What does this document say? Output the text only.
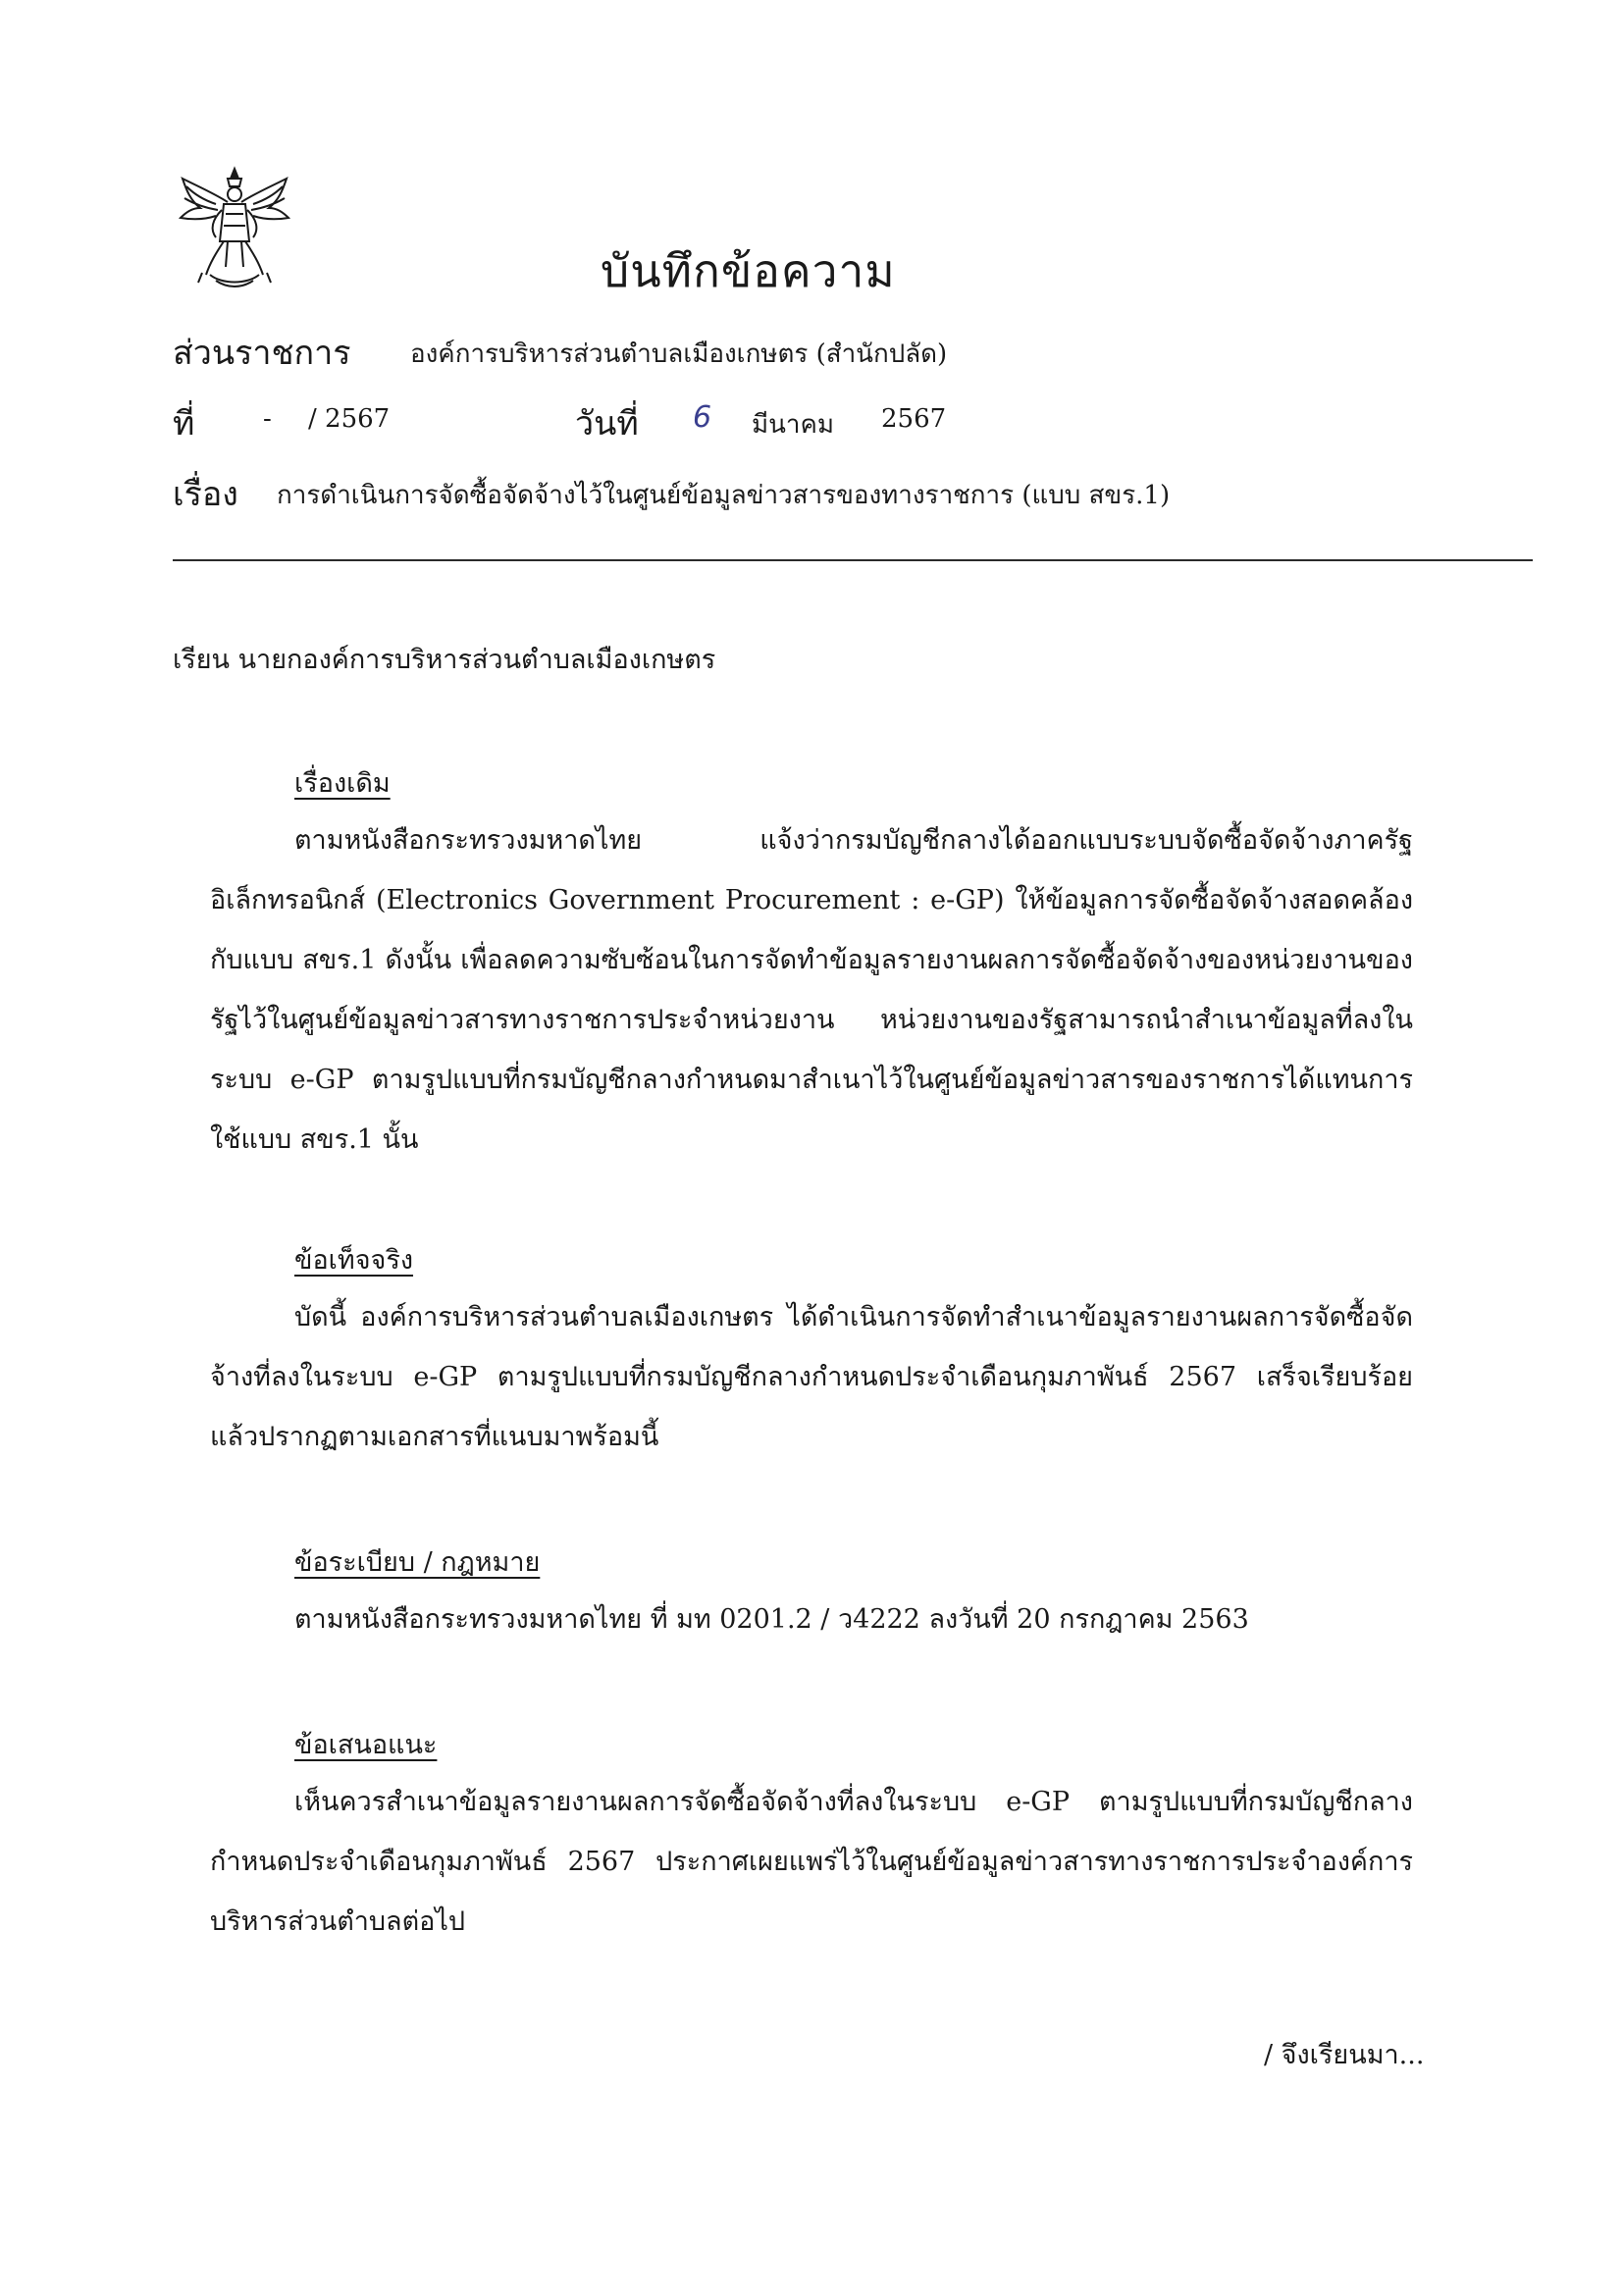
บันทึกข้อความ
ส่วนราชการ องค์การบริหารส่วนตำบลเมืองเกษตร (สำนักปลัด)
ที่	- / 2567	วันที่ 6 มีนาคม 2567
เรื่อง การดำเนินการจัดซื้อจัดจ้างไว้ในศูนย์ข้อมูลข่าวสารของทางราชการ (แบบ สขร.1)
เรียน นายกองค์การบริหารส่วนตำบลเมืองเกษตร
เรื่องเดิม
ตามหนังสือกระทรวงมหาดไทย แจ้งว่ากรมบัญชีกลางได้ออกแบบระบบจัดซื้อจัดจ้างภาครัฐอิเล็กทรอนิกส์ (Electronics Government Procurement : e-GP) ให้ข้อมูลการจัดซื้อจัดจ้างสอดคล้องกับแบบ สขร.1 ดังนั้น เพื่อลดความซับซ้อนในการจัดทำข้อมูลรายงานผลการจัดซื้อจัดจ้างของหน่วยงานของรัฐไว้ในศูนย์ข้อมูลข่าวสารทางราชการประจำหน่วยงาน หน่วยงานของรัฐสามารถนำสำเนาข้อมูลที่ลงในระบบ e-GP ตามรูปแบบที่กรมบัญชีกลางกำหนดมาสำเนาไว้ในศูนย์ข้อมูลข่าวสารของราชการได้แทนการใช้แบบ สขร.1 นั้น
ข้อเท็จจริง
บัดนี้ องค์การบริหารส่วนตำบลเมืองเกษตร ได้ดำเนินการจัดทำสำเนาข้อมูลรายงานผลการจัดซื้อจัดจ้างที่ลงในระบบ e-GP ตามรูปแบบที่กรมบัญชีกลางกำหนดประจำเดือนกุมภาพันธ์ 2567 เสร็จเรียบร้อยแล้วปรากฏตามเอกสารที่แนบมาพร้อมนี้
ข้อระเบียบ / กฎหมาย
ตามหนังสือกระทรวงมหาดไทย ที่ มท 0201.2 / ว4222 ลงวันที่ 20 กรกฎาคม 2563
ข้อเสนอแนะ
เห็นควรสำเนาข้อมูลรายงานผลการจัดซื้อจัดจ้างที่ลงในระบบ e-GP ตามรูปแบบที่กรมบัญชีกลางกำหนดประจำเดือนกุมภาพันธ์ 2567 ประกาศเผยแพร่ไว้ในศูนย์ข้อมูลข่าวสารทางราชการประจำองค์การบริหารส่วนตำบลต่อไป
/ จึงเรียนมา...
